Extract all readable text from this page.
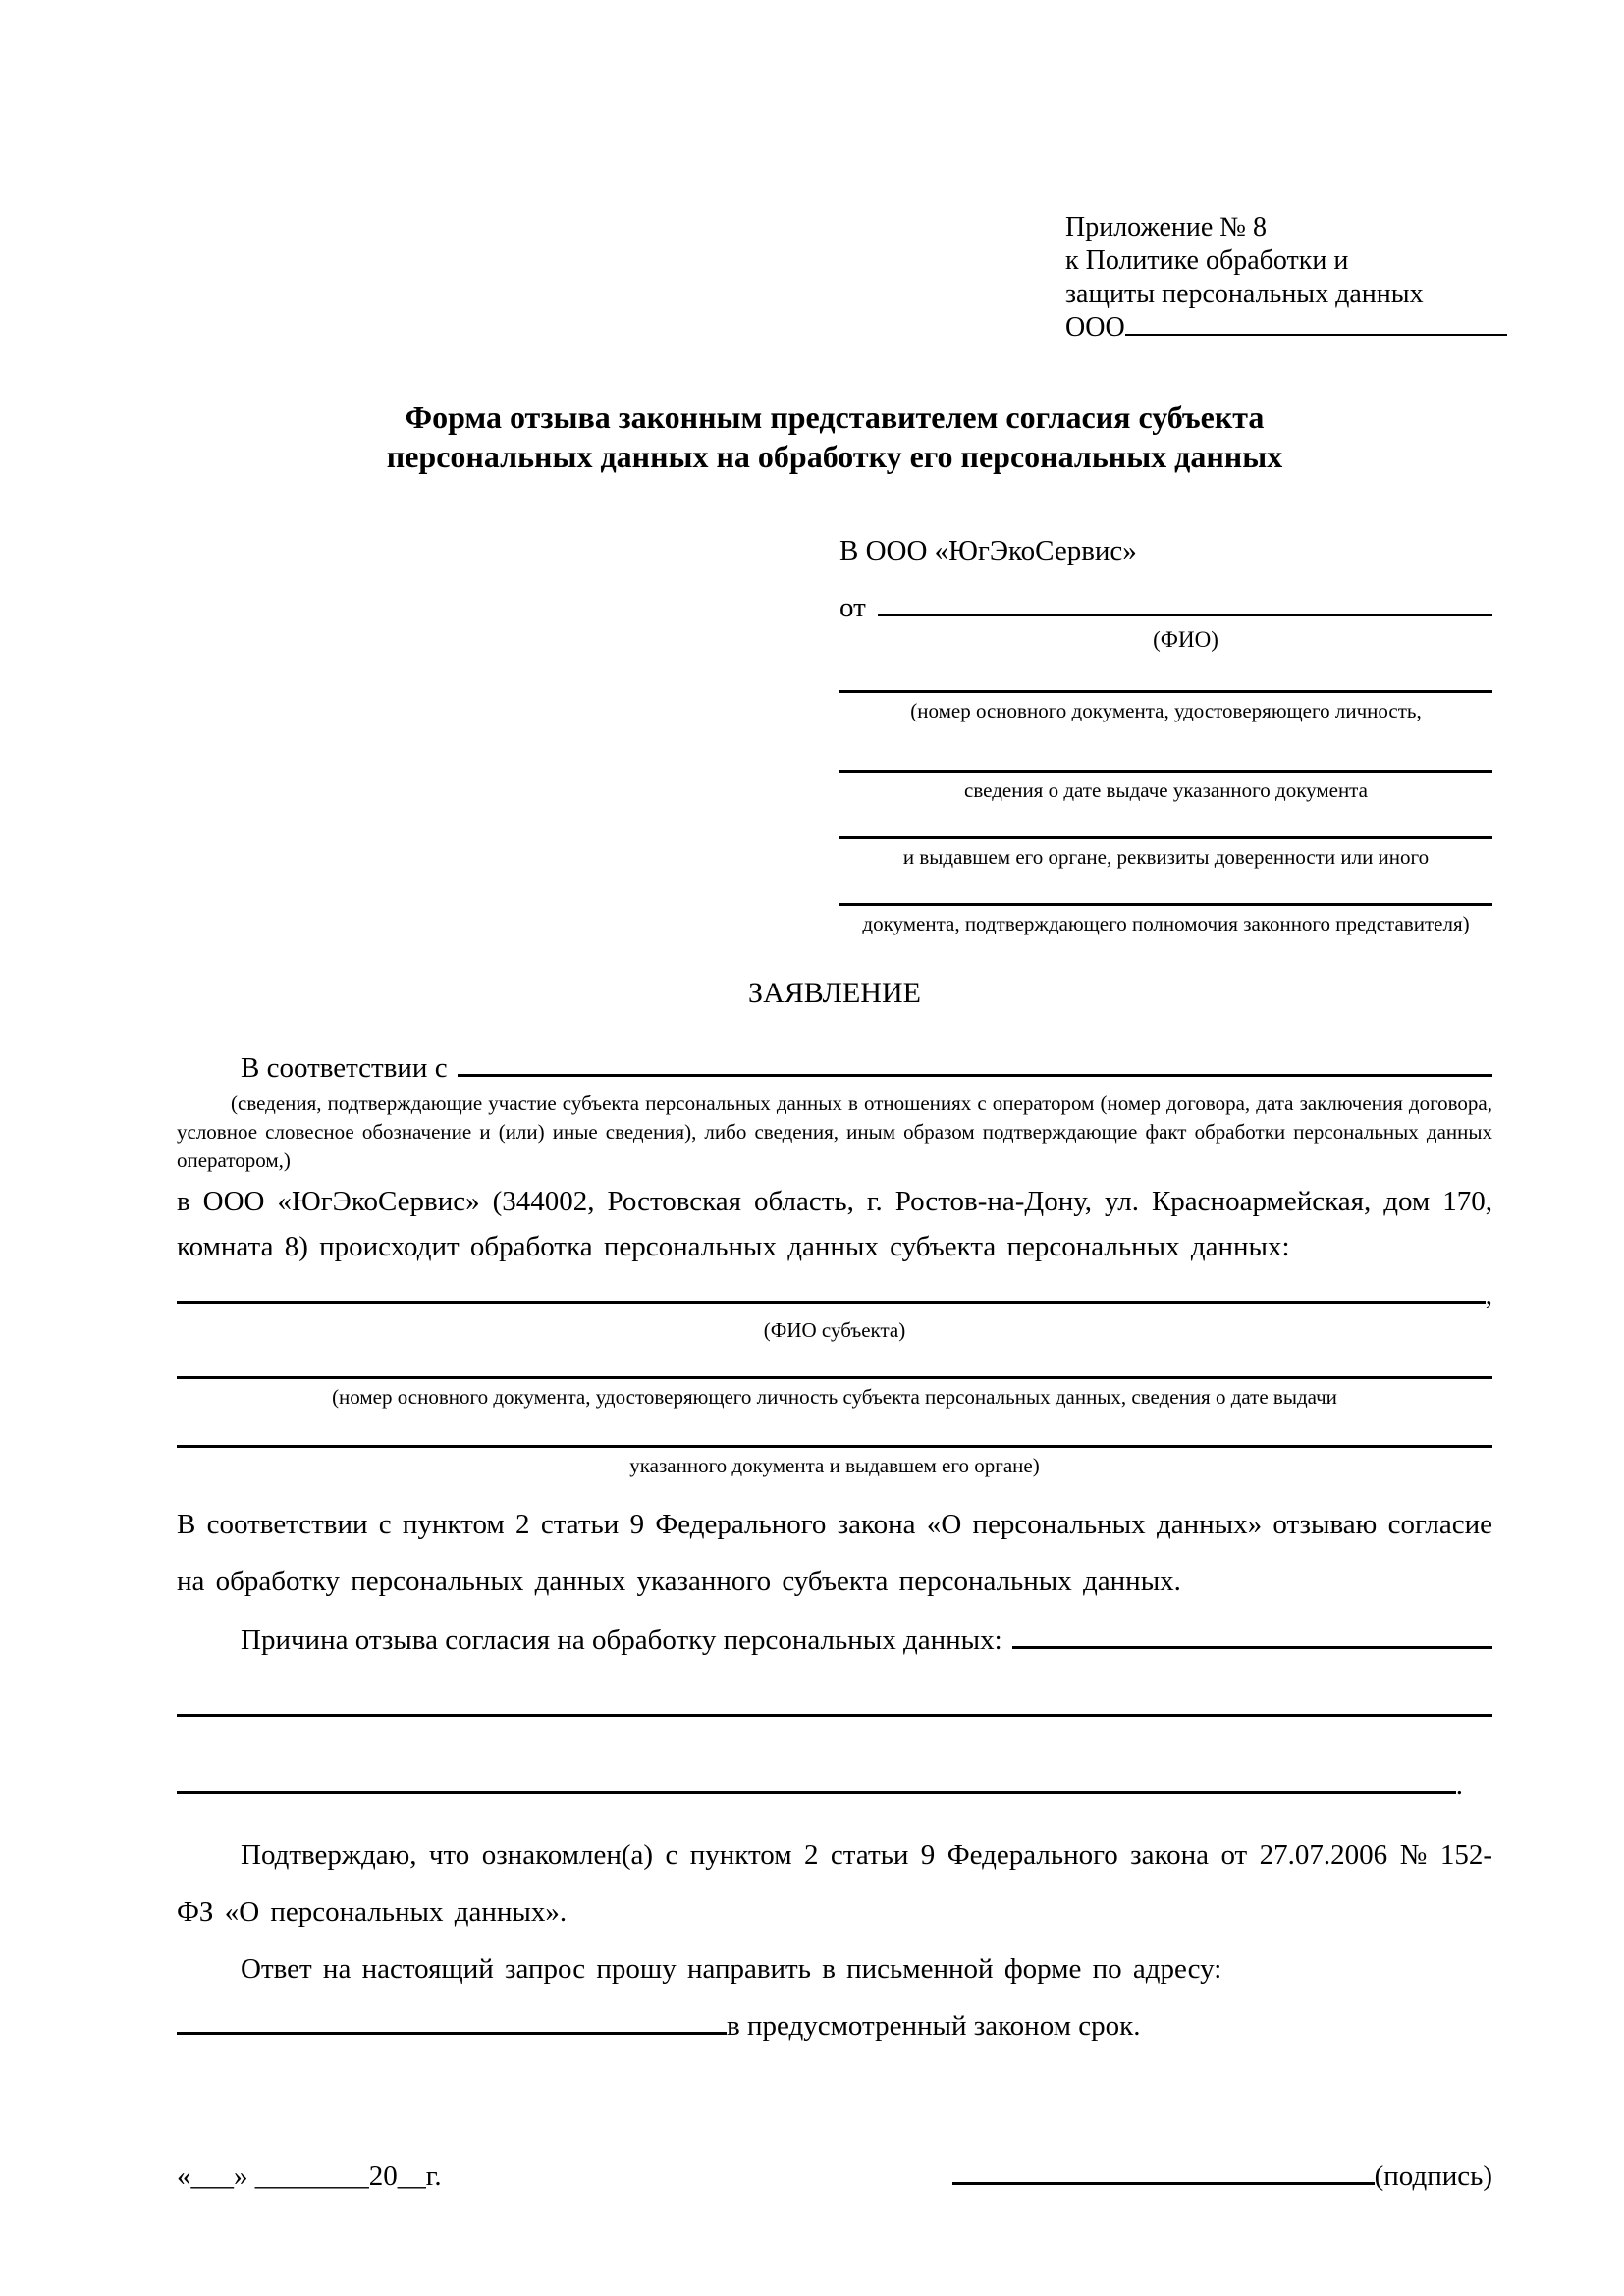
Приложение № 8
к Политике обработки и
защиты персональных данных
ООО
Форма отзыва законным представителем согласия субъекта
персональных данных на обработку его персональных данных
В ООО «ЮгЭкоСервис»
от
(ФИО)
(номер основного документа, удостоверяющего личность,
сведения о дате выдаче указанного документа
и выдавшем его органе, реквизиты доверенности или иного
документа, подтверждающего полномочия законного представителя)
ЗАЯВЛЕНИЕ
В соответствии с
(сведения, подтверждающие участие субъекта персональных данных в отношениях с оператором (номер договора, дата заключения договора, условное словесное обозначение и (или) иные сведения), либо сведения, иным образом подтверждающие факт обработки персональных данных оператором,)
в ООО «ЮгЭкоСервис» (344002, Ростовская область, г. Ростов-на-Дону, ул. Красноармейская, дом 170, комната 8) происходит обработка персональных данных субъекта персональных данных:
,
(ФИО субъекта)
(номер основного документа, удостоверяющего личность субъекта персональных данных, сведения о дате выдачи
указанного документа и выдавшем его органе)
В соответствии с пунктом 2 статьи 9 Федерального закона «О персональных данных» отзываю согласие на обработку персональных данных указанного субъекта персональных данных.
Причина отзыва согласия на обработку персональных данных:
.
Подтверждаю, что ознакомлен(а) с пунктом 2 статьи 9 Федерального закона от 27.07.2006 № 152-ФЗ «О персональных данных».
Ответ на настоящий запрос прошу направить в письменной форме по адресу:
в предусмотренный законом срок.
«___» ________20__г.	(подпись)
